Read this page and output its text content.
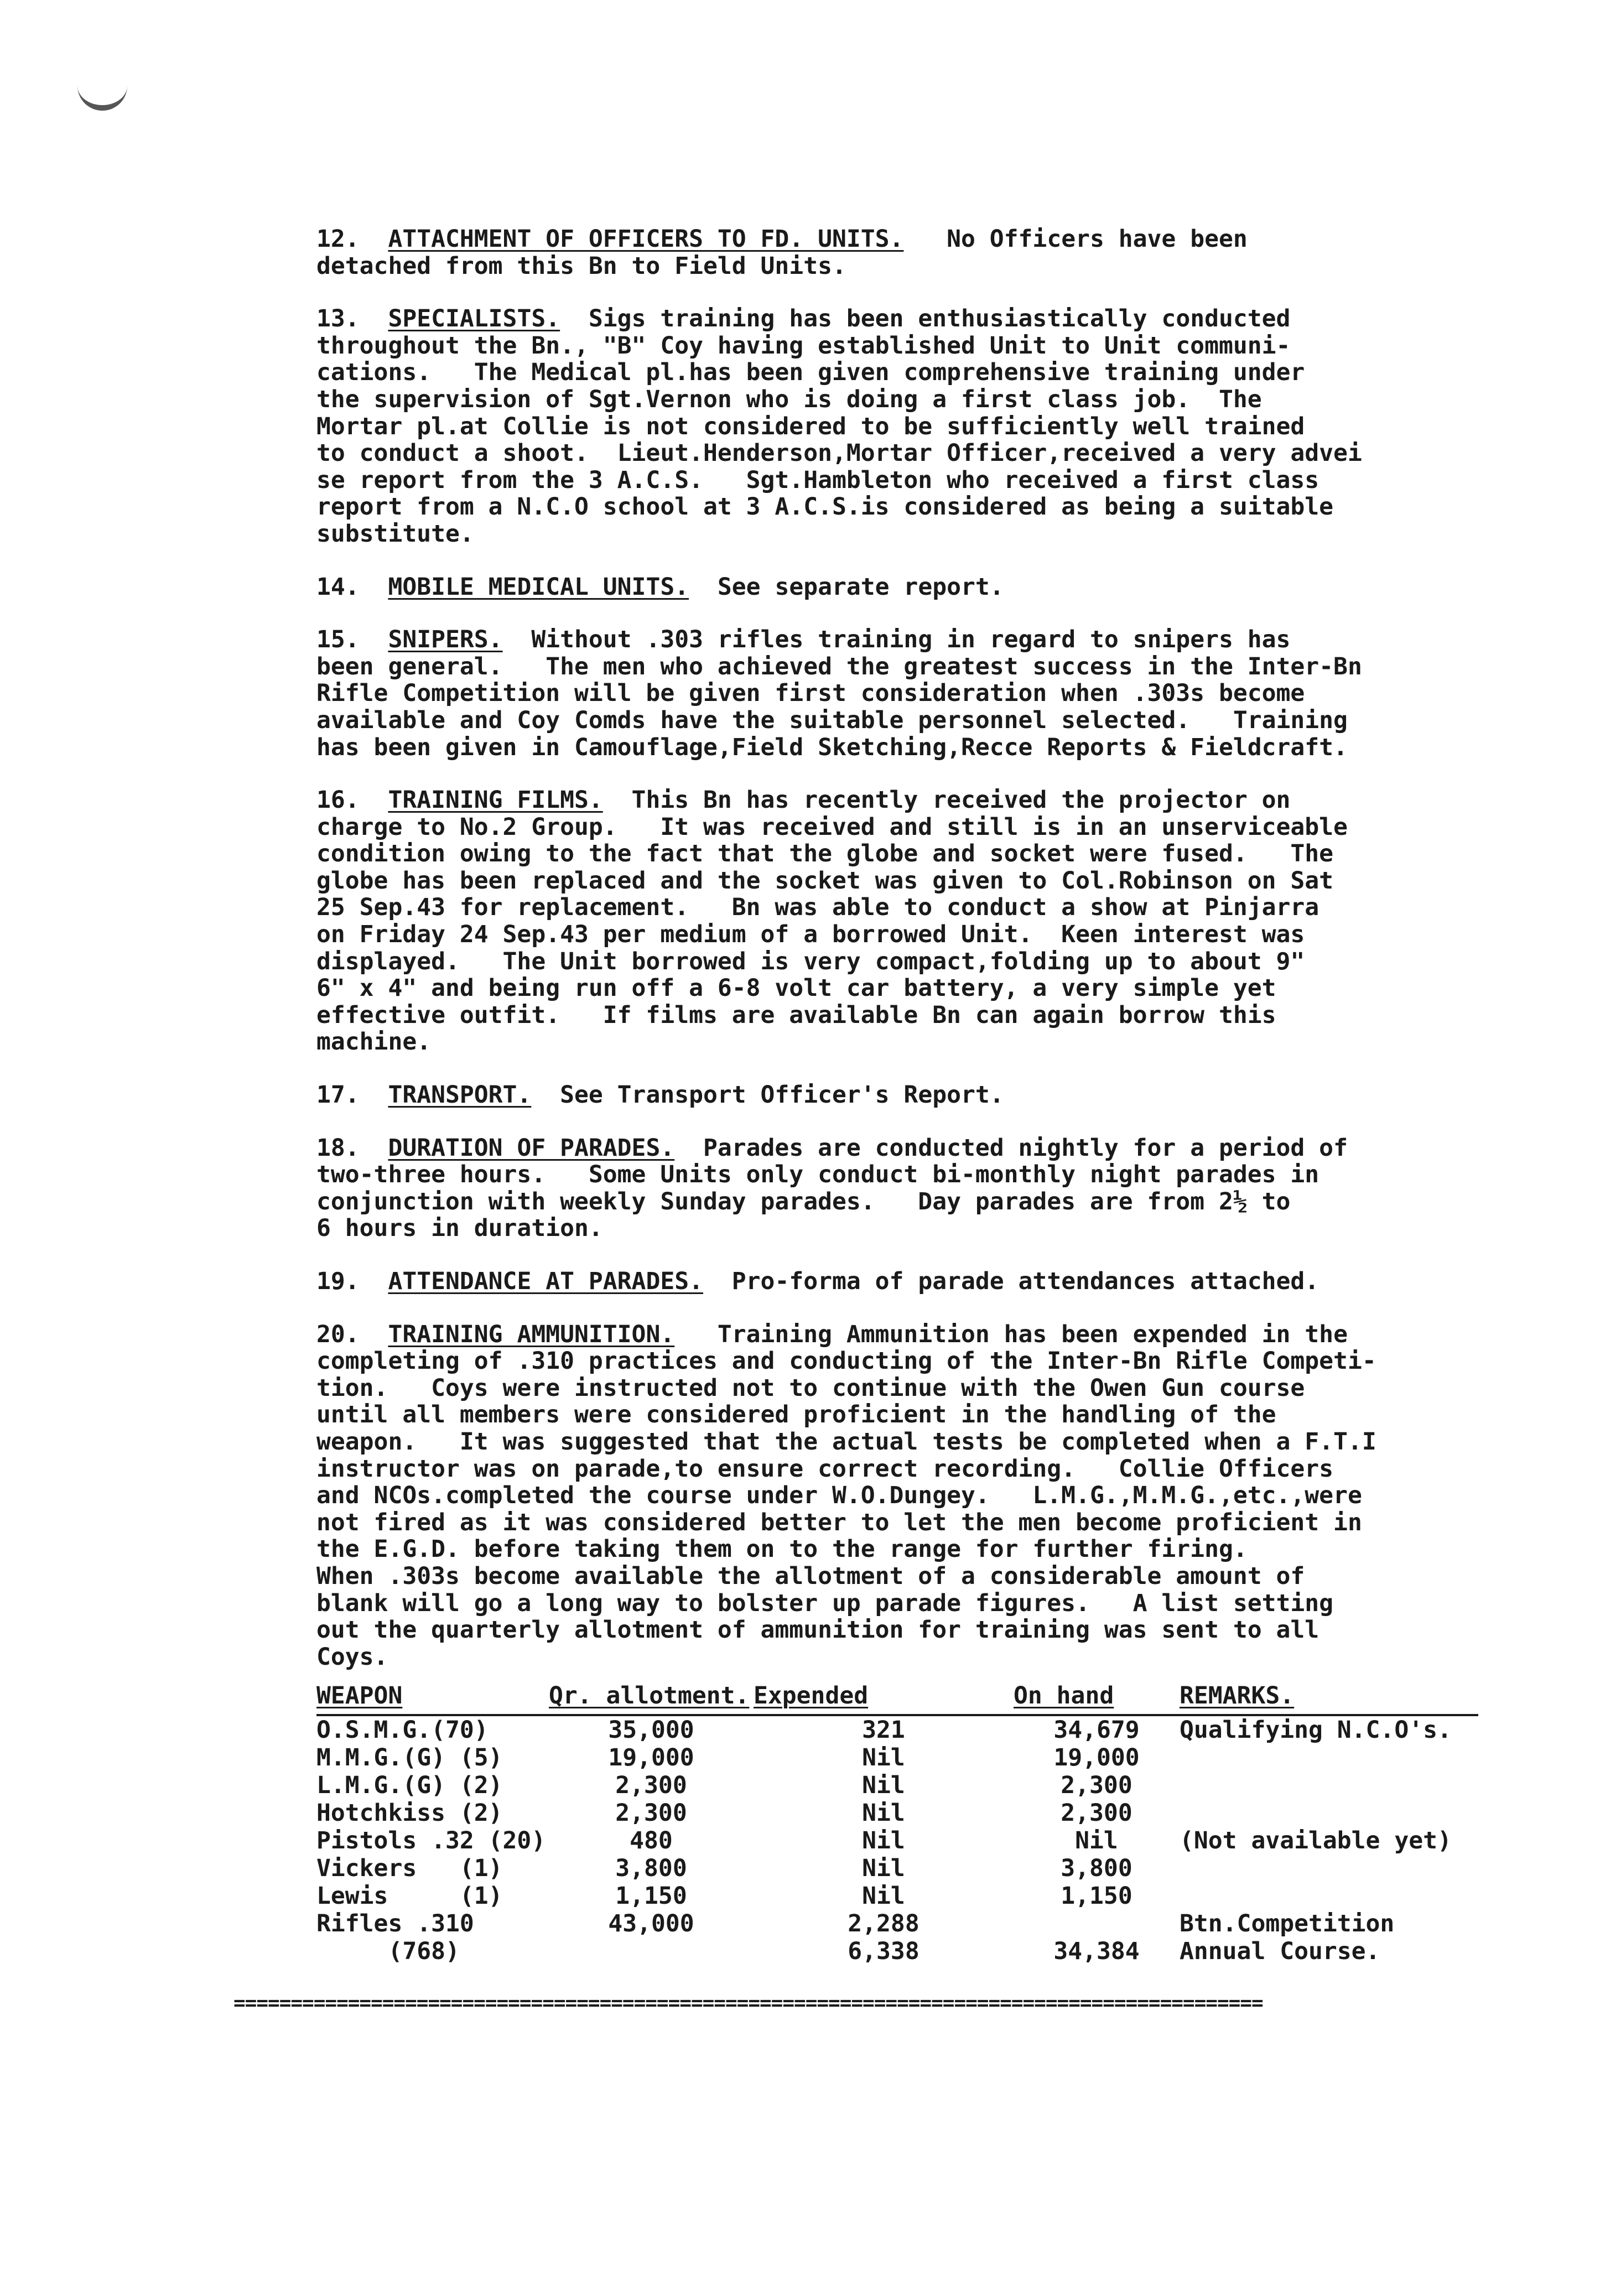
12. ATTACHMENT OF OFFICERS TO FD. UNITS.   No Officers have been
detached from this Bn to Field Units.

13. SPECIALISTS.  Sigs training has been enthusiastically conducted
throughout the Bn., "B" Coy having established Unit to Unit communi-
cations.   The Medical pl.has been given comprehensive training under
the supervision of Sgt.Vernon who is doing a first class job.  The
Mortar pl.at Collie is not considered to be sufficiently well trained
to conduct a shoot.  Lieut.Henderson,Mortar Officer,received a very advei
se report from the 3 A.C.S.   Sgt.Hambleton who received a first class
report from a N.C.O school at 3 A.C.S.is considered as being a suitable
substitute.

14. MOBILE MEDICAL UNITS.  See separate report.

15. SNIPERS.  Without .303 rifles training in regard to snipers has
been general.   The men who achieved the greatest success in the Inter-Bn
Rifle Competition will be given first consideration when .303s become
available and Coy Comds have the suitable personnel selected.   Training
has been given in Camouflage,Field Sketching,Recce Reports & Fieldcraft.

16. TRAINING FILMS.  This Bn has recently received the projector on
charge to No.2 Group.   It was received and still is in an unserviceable
condition owing to the fact that the globe and socket were fused.   The
globe has been replaced and the socket was given to Col.Robinson on Sat
25 Sep.43 for replacement.   Bn was able to conduct a show at Pinjarra
on Friday 24 Sep.43 per medium of a borrowed Unit.  Keen interest was
displayed.   The Unit borrowed is very compact,folding up to about 9"
6" x 4" and being run off a 6-8 volt car battery, a very simple yet
effective outfit.   If films are available Bn can again borrow this
machine.

17. TRANSPORT.  See Transport Officer's Report.

18. DURATION OF PARADES.  Parades are conducted nightly for a period of
two-three hours.   Some Units only conduct bi-monthly night parades in
conjunction with weekly Sunday parades.   Day parades are from 2½ to
6 hours in duration.

19. ATTENDANCE AT PARADES.  Pro-forma of parade attendances attached.

20. TRAINING AMMUNITION.   Training Ammunition has been expended in the
completing of .310 practices and conducting of the Inter-Bn Rifle Competi-
tion.   Coys were instructed not to continue with the Owen Gun course
until all members were considered proficient in the handling of the
weapon.   It was suggested that the actual tests be completed when a F.T.I
instructor was on parade,to ensure correct recording.   Collie Officers
and NCOs.completed the course under W.O.Dungey.   L.M.G.,M.M.G.,etc.,were
not fired as it was considered better to let the men become proficient in
the E.G.D. before taking them on to the range for further firing.
When .303s become available the allotment of a considerable amount of
blank will go a long way to bolster up parade figures.   A list setting
out the quarterly allotment of ammunition for training was sent to all
Coys.

WEAPON	Qr. allotment.	Expended	On hand	REMARKS.
O.S.M.G.(70)	35,000	321	34,679	Qualifying N.C.O's.
M.M.G.(G) (5)	19,000	Nil	19,000	
L.M.G.(G) (2)	2,300	Nil	2,300	
Hotchkiss (2)	2,300	Nil	2,300	
Pistols .32 (20)	480	Nil	Nil	(Not available yet)
Vickers   (1)	3,800	Nil	3,800	
Lewis     (1)	1,150	Nil	1,150	
Rifles .310	43,000	2,288		Btn.Competition
(768)		6,338	34,384	Annual Course.
==========================================================================================
